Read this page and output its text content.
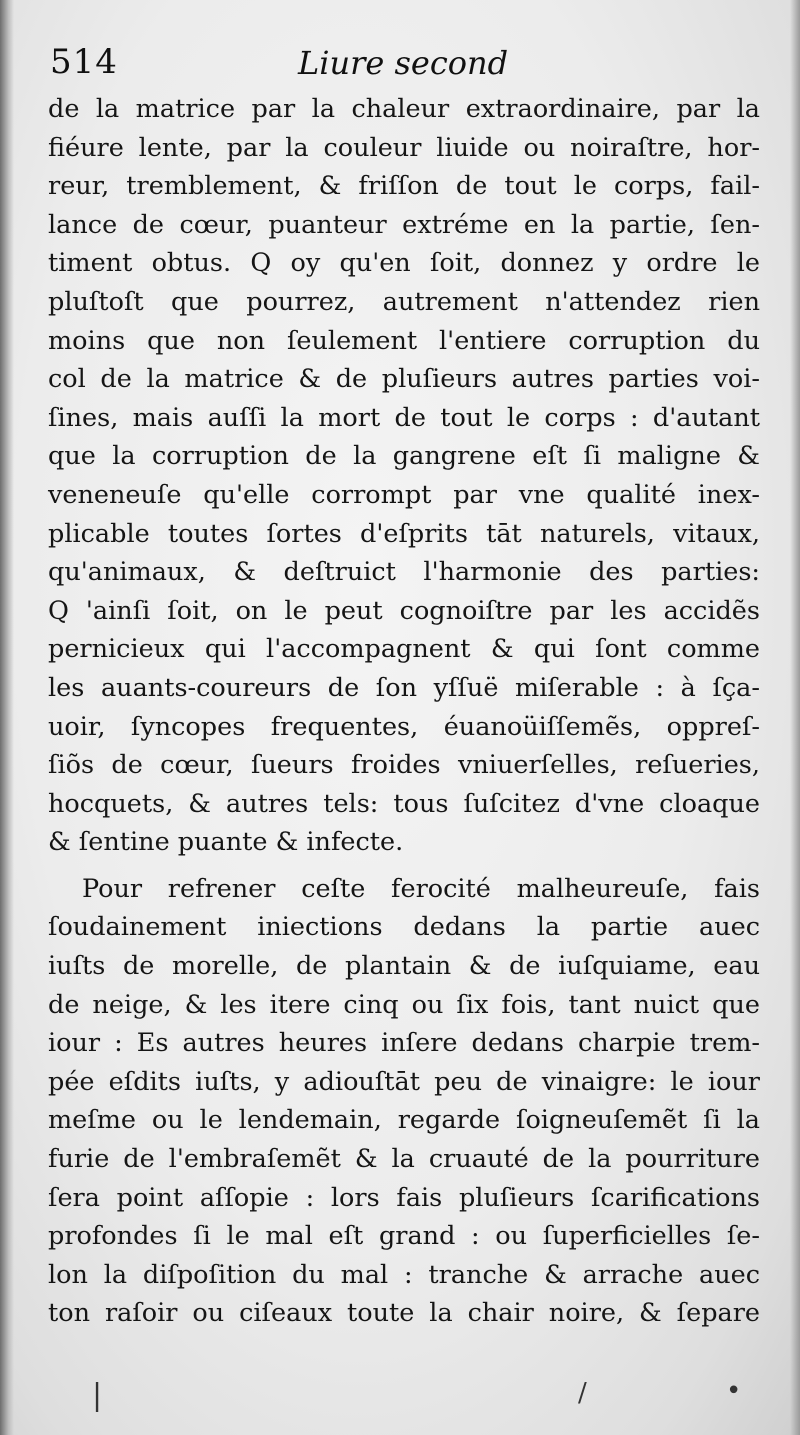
514	Liure second
de la matrice par la chaleur extraordinaire, par la
fiéure lente, par la couleur liuide ou noiraſtre, hor-
reur, tremblement, & friſſon de tout le corps, fail-
lance de cœur, puanteur extréme en la partie, ſen-
timent obtus. Q oy qu'en ſoit, donnez y ordre le
pluſtoſt que pourrez, autrement n'attendez rien
moins que non ſeulement l'entiere corruption du
col de la matrice & de pluſieurs autres parties voi-
ſines, mais auſſi la mort de tout le corps : d'autant
que la corruption de la gangrene eſt ſi maligne &
veneneuſe qu'elle corrompt par vne qualité inex-
plicable toutes ſortes d'eſprits tāt naturels, vitaux,
qu'animaux, & deſtruict l'harmonie des parties:
Q 'ainſi ſoit, on le peut cognoiſtre par les accidẽs
pernicieux qui l'accompagnent & qui ſont comme
les auants-coureurs de ſon yſſuë miſerable : à ſça-
uoir, ſyncopes frequentes, éuanoüiſſemẽs, oppreſ-
ſiõs de cœur, ſueurs froides vniuerſelles, reſueries,
hocquets, & autres tels: tous ſuſcitez d'vne cloaque
& ſentine puante & infecte.
Pour refrener ceſte ferocité malheureuſe, fais
ſoudainement iniections dedans la partie auec
iuſts de morelle, de plantain & de iuſquiame, eau
de neige, & les itere cinq ou ſix fois, tant nuict que
iour : Es autres heures inſere dedans charpie trem-
pée eſdits iuſts, y adiouſtāt peu de vinaigre: le iour
meſme ou le lendemain, regarde ſoigneuſemẽt ſi la
furie de l'embraſemẽt & la cruauté de la pourriture
ſera point aſſopie : lors fais pluſieurs ſcarifications
profondes ſi le mal eſt grand : ou ſuperficielles ſe-
lon la diſpoſition du mal : tranche & arrache auec
ton raſoir ou ciſeaux toute la chair noire, & ſepare
|	/	•
